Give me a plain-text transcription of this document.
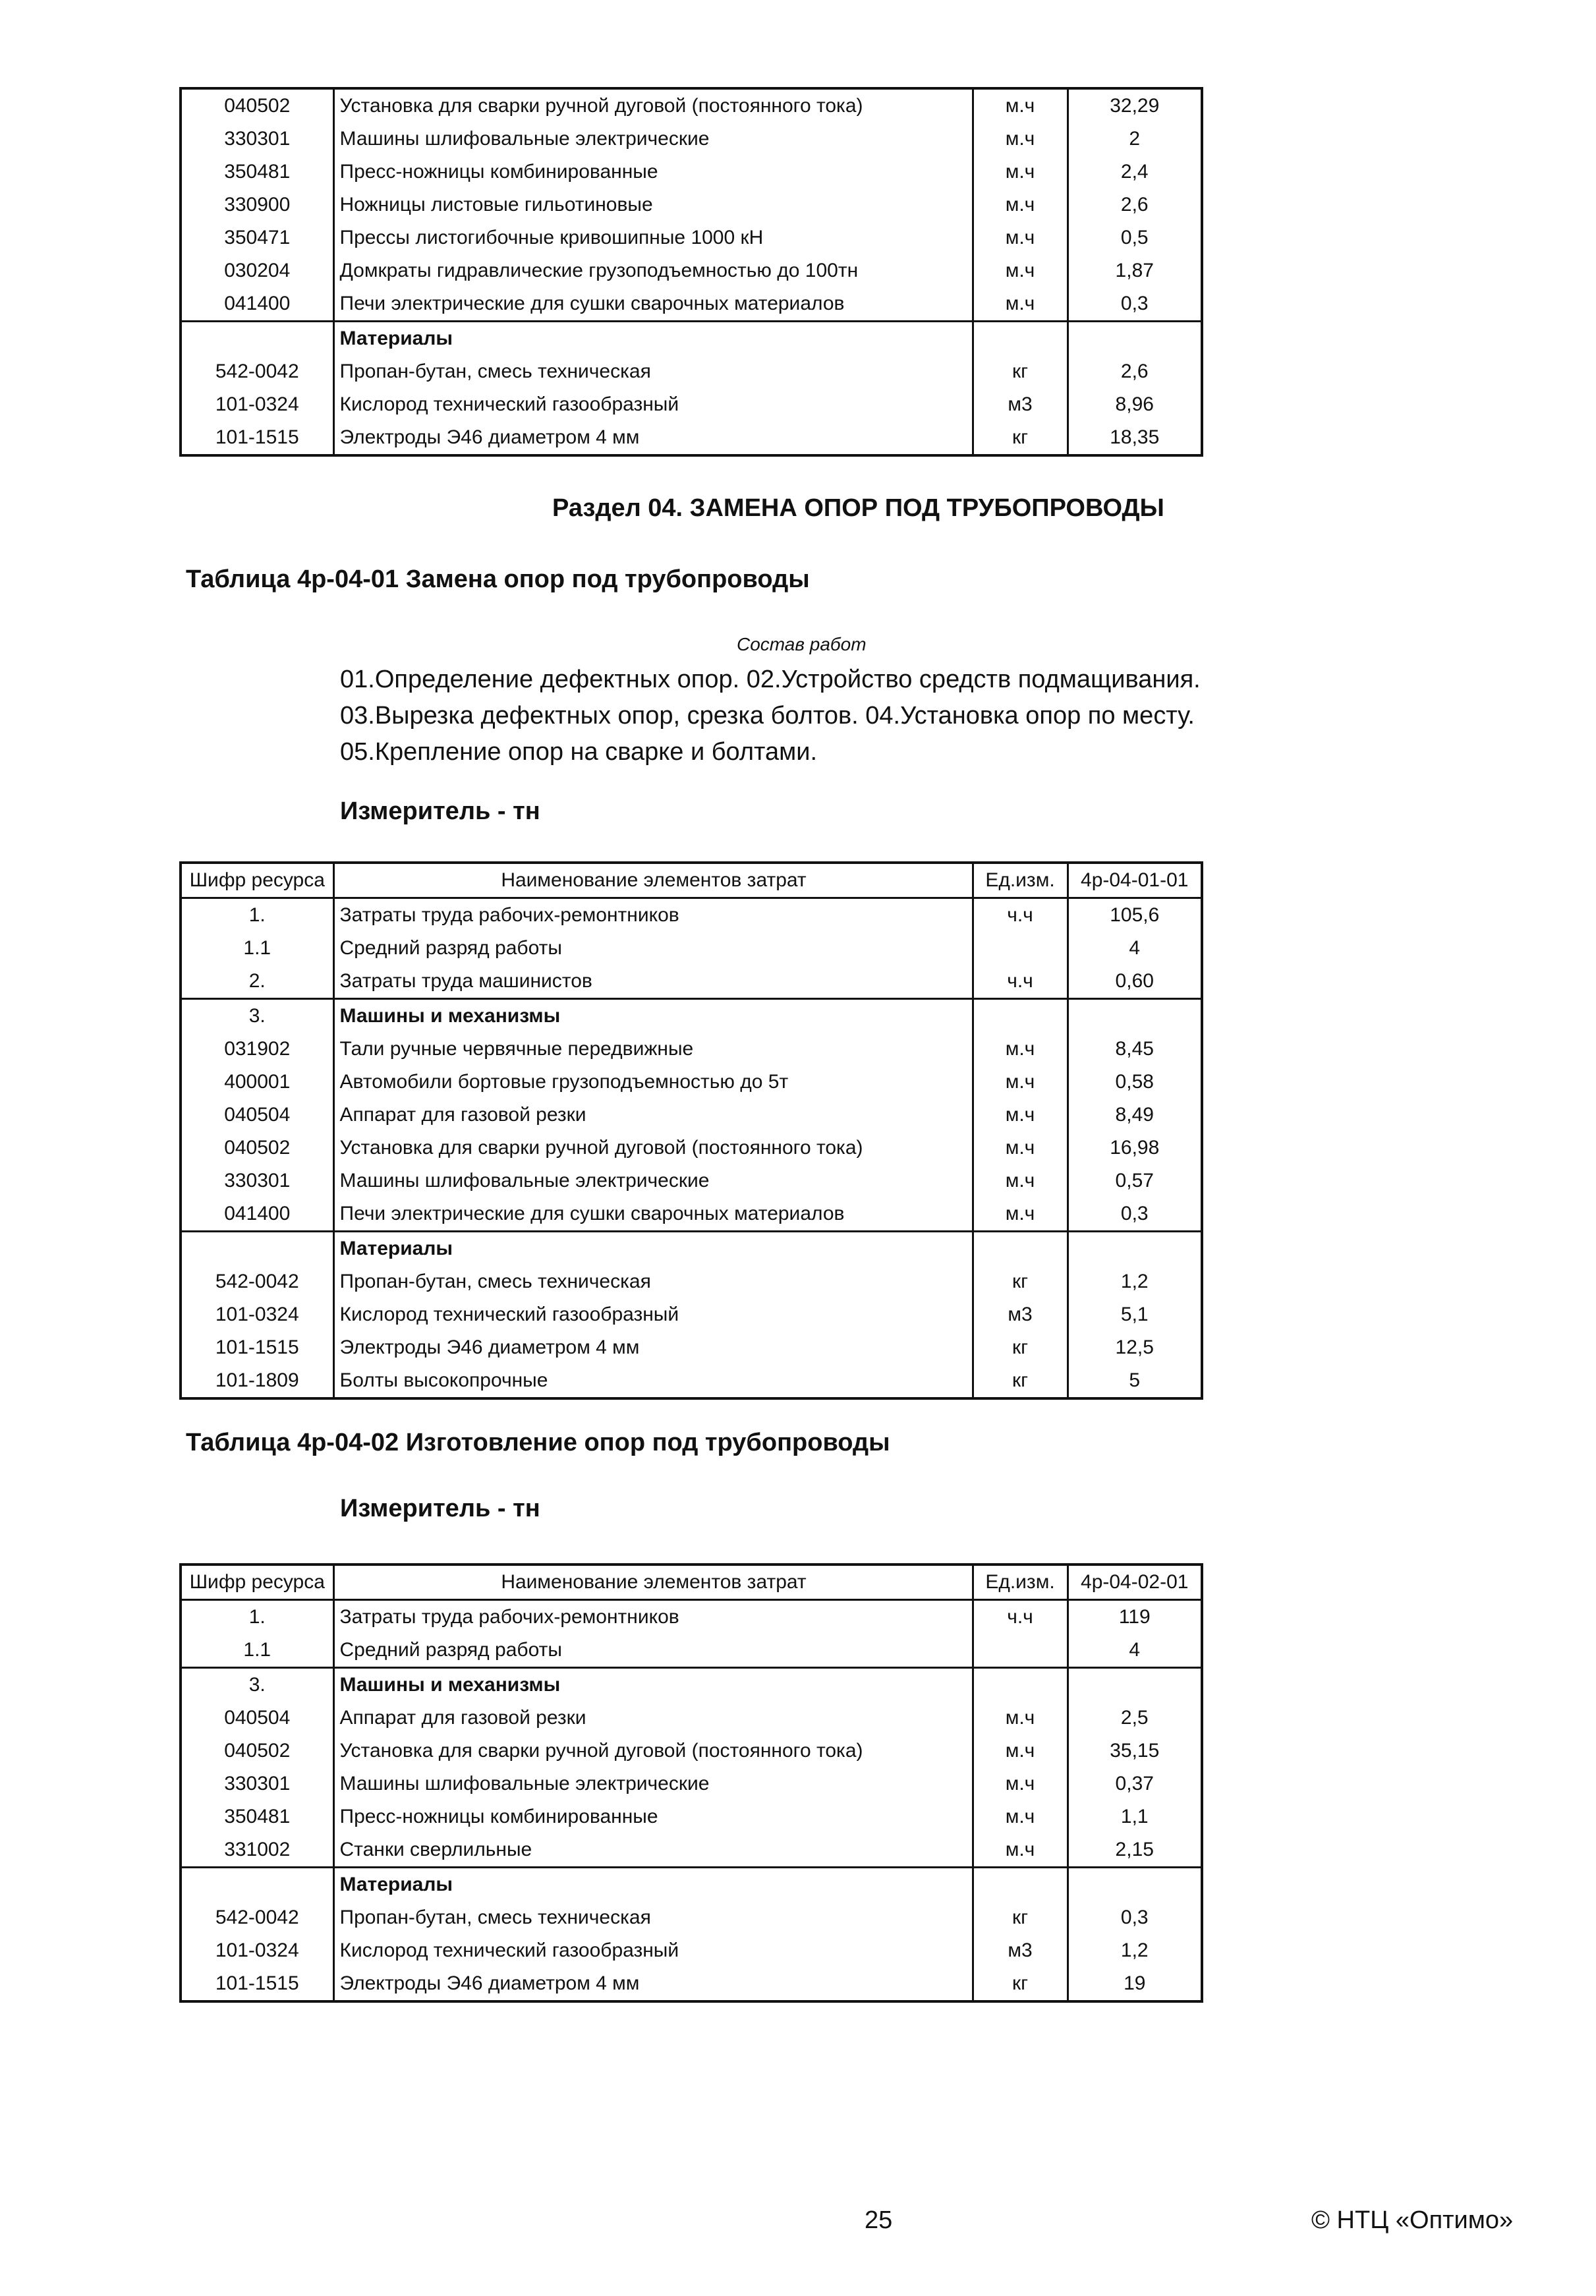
040502	Установка для сварки ручной дуговой (постоянного тока)	м.ч	32,29
330301	Машины шлифовальные электрические	м.ч	2
350481	Пресс-ножницы комбинированные	м.ч	2,4
330900	Ножницы листовые гильотиновые	м.ч	2,6
350471	Прессы листогибочные кривошипные 1000 кН	м.ч	0,5
030204	Домкраты гидравлические грузоподъемностью до 100тн	м.ч	1,87
041400	Печи электрические для сушки сварочных материалов	м.ч	0,3
	Материалы		
542-0042	Пропан-бутан, смесь техническая	кг	2,6
101-0324	Кислород технический газообразный	м3	8,96
101-1515	Электроды Э46 диаметром 4 мм	кг	18,35
Раздел 04. ЗАМЕНА ОПОР ПОД ТРУБОПРОВОДЫ
Таблица 4р-04-01 Замена опор под трубопроводы
Состав работ
01.Определение дефектных опор. 02.Устройство средств подмащивания.
03.Вырезка дефектных опор, срезка болтов. 04.Установка опор по месту.
05.Крепление опор на сварке и болтами.
Измеритель - тн
Шифр ресурса	Наименование элементов затрат	Ед.изм.	4р-04-01-01
1.	Затраты труда рабочих-ремонтников	ч.ч	105,6
1.1	Средний разряд работы		4
2.	Затраты труда машинистов	ч.ч	0,60
3.	Машины и механизмы		
031902	Тали ручные червячные передвижные	м.ч	8,45
400001	Автомобили бортовые грузоподъемностью до 5т	м.ч	0,58
040504	Аппарат для газовой резки	м.ч	8,49
040502	Установка для сварки ручной дуговой (постоянного тока)	м.ч	16,98
330301	Машины шлифовальные электрические	м.ч	0,57
041400	Печи электрические для сушки сварочных материалов	м.ч	0,3
	Материалы		
542-0042	Пропан-бутан, смесь техническая	кг	1,2
101-0324	Кислород технический газообразный	м3	5,1
101-1515	Электроды Э46 диаметром 4 мм	кг	12,5
101-1809	Болты высокопрочные	кг	5
Таблица 4р-04-02 Изготовление опор под трубопроводы
Измеритель - тн
Шифр ресурса	Наименование элементов затрат	Ед.изм.	4р-04-02-01
1.	Затраты труда рабочих-ремонтников	ч.ч	119
1.1	Средний разряд работы		4
3.	Машины и механизмы		
040504	Аппарат для газовой резки	м.ч	2,5
040502	Установка для сварки ручной дуговой (постоянного тока)	м.ч	35,15
330301	Машины шлифовальные электрические	м.ч	0,37
350481	Пресс-ножницы комбинированные	м.ч	1,1
331002	Станки сверлильные	м.ч	2,15
	Материалы		
542-0042	Пропан-бутан, смесь техническая	кг	0,3
101-0324	Кислород технический газообразный	м3	1,2
101-1515	Электроды Э46 диаметром 4 мм	кг	19
25	© НТЦ «Оптимо»
